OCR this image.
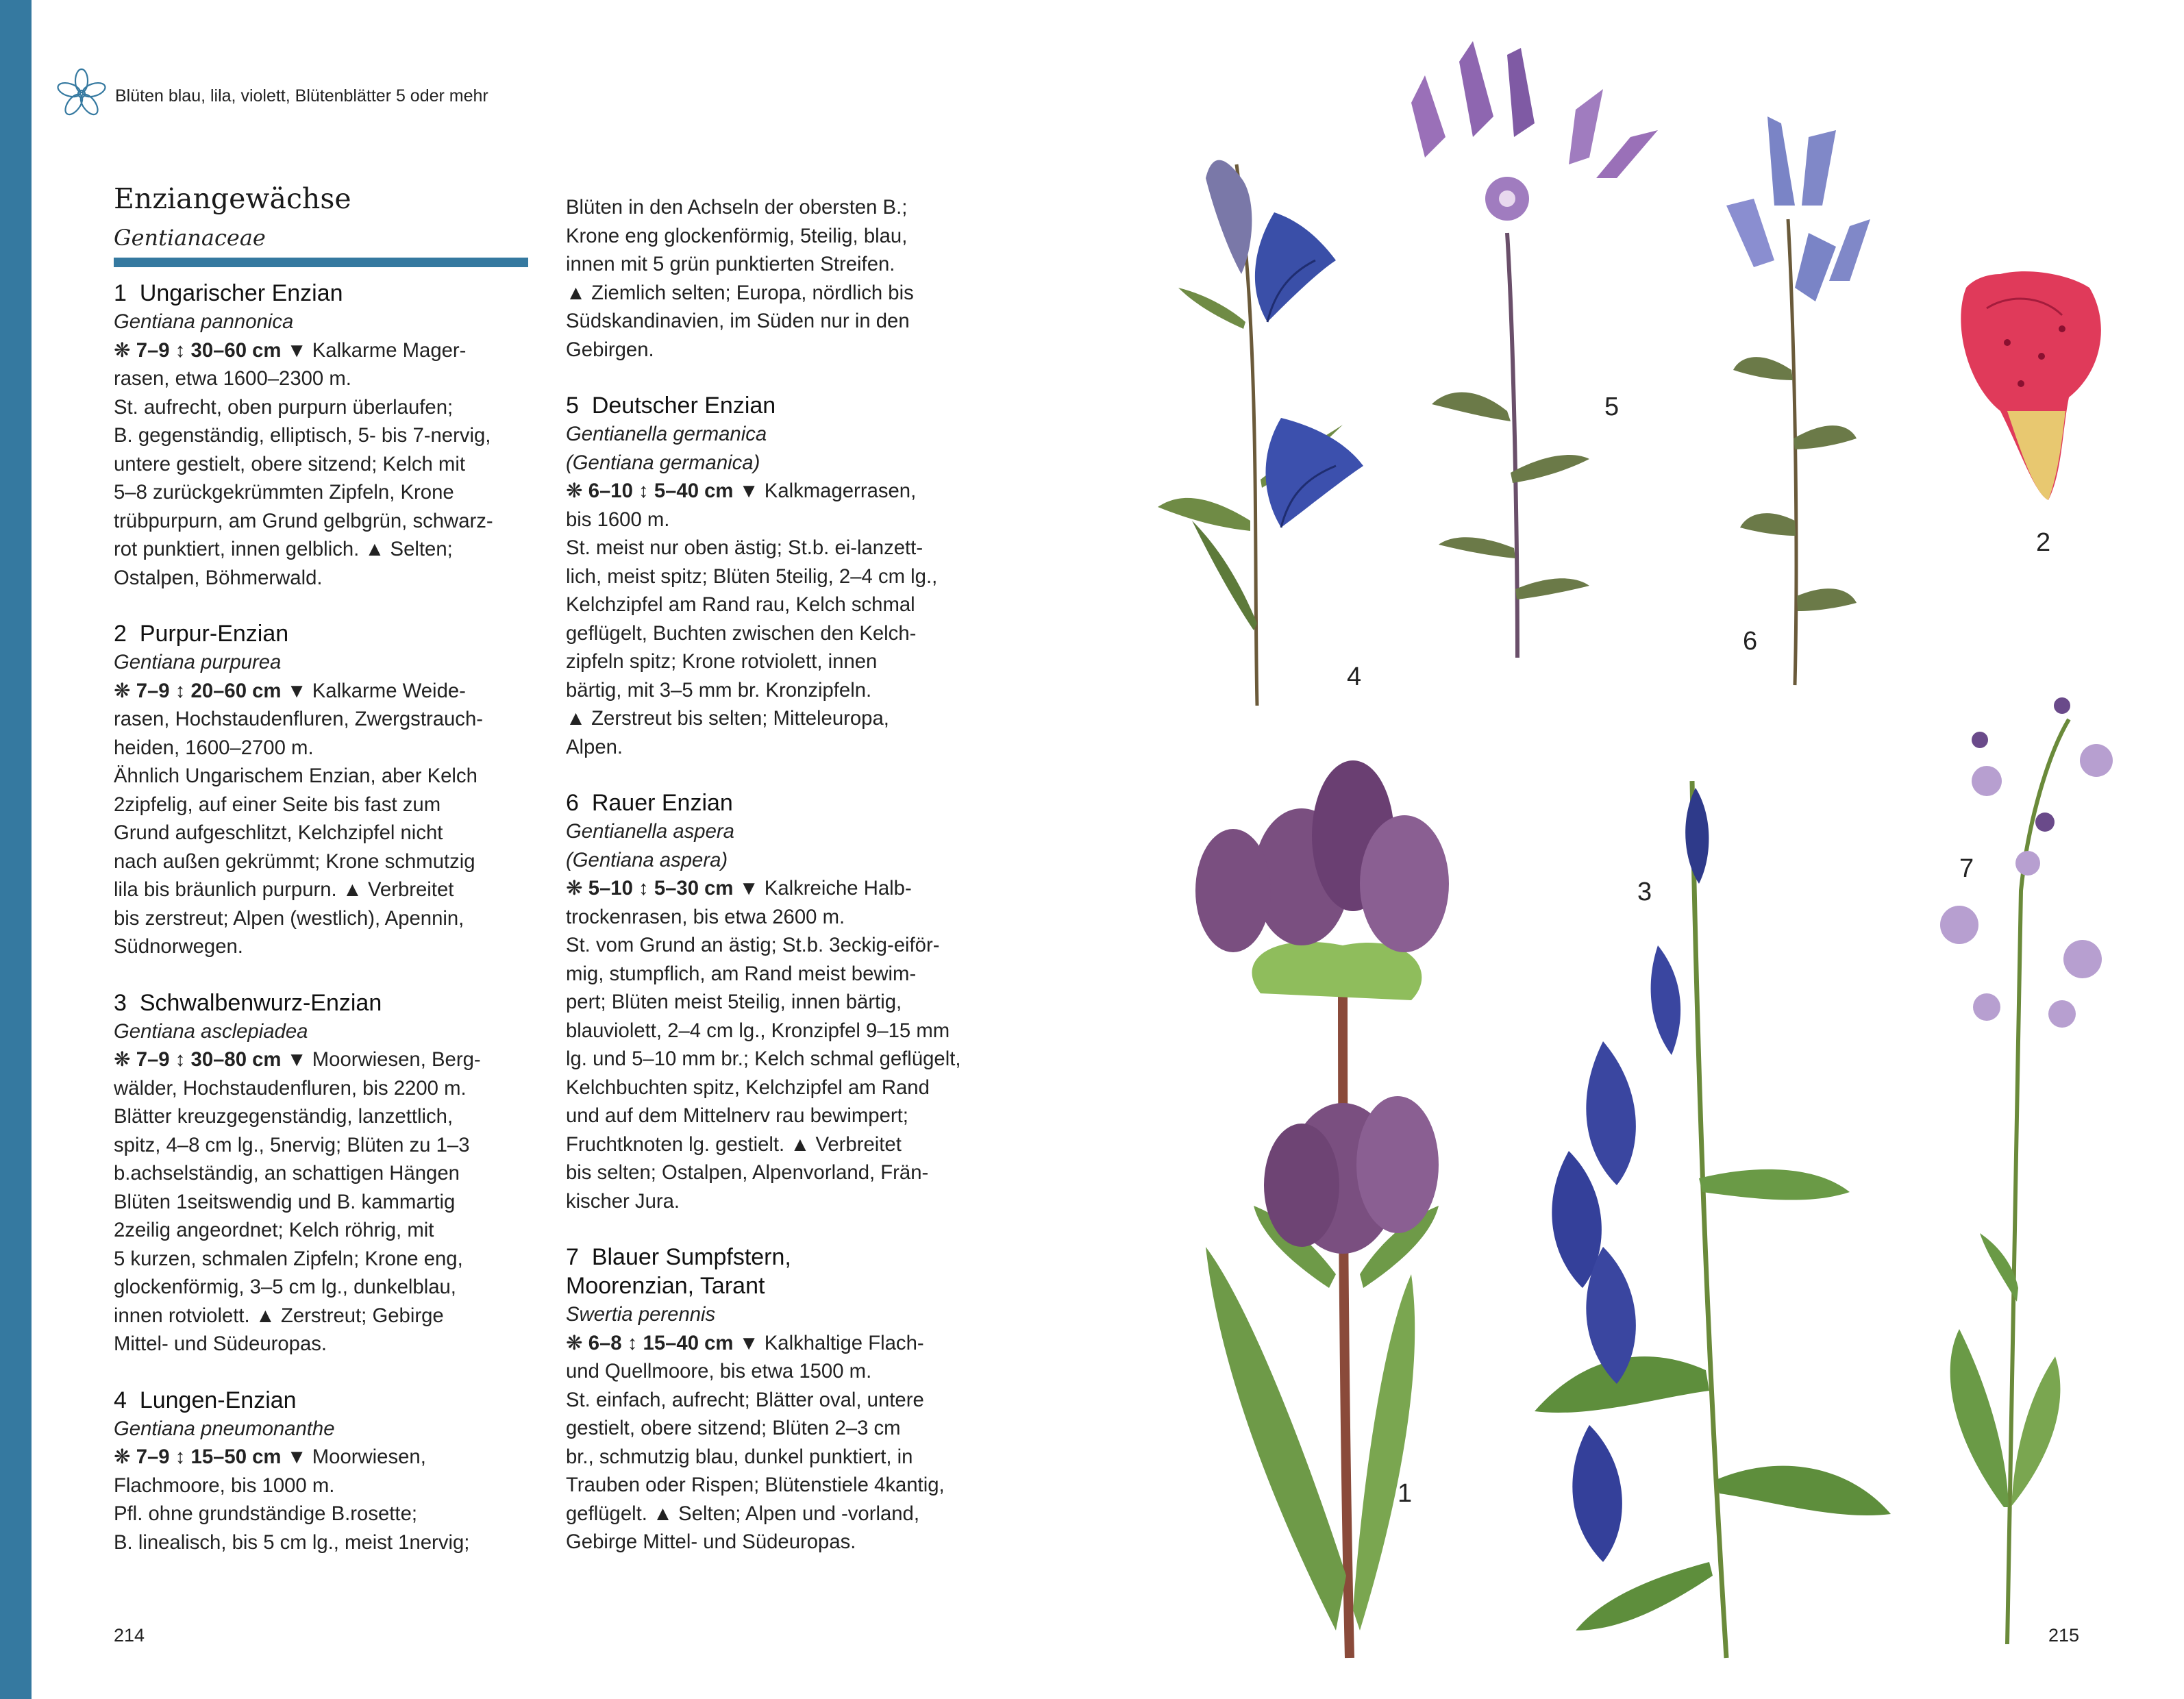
Blüten blau, lila, violett, Blütenblätter 5 oder mehr
Enziangewächse
Gentianaceae
1 Ungarischer Enzian
Gentiana pannonica
❋ 7–9 ↕ 30–60 cm ▼ Kalkarme Mager-
rasen, etwa 1600–2300 m.
St. aufrecht, oben purpurn überlaufen;
B. gegenständig, elliptisch, 5- bis 7-nervig,
untere gestielt, obere sitzend; Kelch mit
5–8 zurückgekrümmten Zipfeln, Krone
trübpurpurn, am Grund gelbgrün, schwarz-
rot punktiert, innen gelblich. ▲ Selten;
Ostalpen, Böhmerwald.
2 Purpur-Enzian
Gentiana purpurea
❋ 7–9 ↕ 20–60 cm ▼ Kalkarme Weide-
rasen, Hochstaudenfluren, Zwergstrauch-
heiden, 1600–2700 m.
Ähnlich Ungarischem Enzian, aber Kelch
2zipfelig, auf einer Seite bis fast zum
Grund aufgeschlitzt, Kelchzipfel nicht
nach außen gekrümmt; Krone schmutzig
lila bis bräunlich purpurn. ▲ Verbreitet
bis zerstreut; Alpen (westlich), Apennin,
Südnorwegen.
3 Schwalbenwurz-Enzian
Gentiana asclepiadea
❋ 7–9 ↕ 30–80 cm ▼ Moorwiesen, Berg-
wälder, Hochstaudenfluren, bis 2200 m.
Blätter kreuzgegenständig, lanzettlich,
spitz, 4–8 cm lg., 5nervig; Blüten zu 1–3
b.achselständig, an schattigen Hängen
Blüten 1seitswendig und B. kammartig
2zeilig angeordnet; Kelch röhrig, mit
5 kurzen, schmalen Zipfeln; Krone eng,
glockenförmig, 3–5 cm lg., dunkelblau,
innen rotviolett. ▲ Zerstreut; Gebirge
Mittel- und Südeuropas.
4 Lungen-Enzian
Gentiana pneumonanthe
❋ 7–9 ↕ 15–50 cm ▼ Moorwiesen,
Flachmoore, bis 1000 m.
Pfl. ohne grundständige B.rosette;
B. linealisch, bis 5 cm lg., meist 1nervig;
Blüten in den Achseln der obersten B.;
Krone eng glockenförmig, 5teilig, blau,
innen mit 5 grün punktierten Streifen.
▲ Ziemlich selten; Europa, nördlich bis
Südskandinavien, im Süden nur in den
Gebirgen.
5 Deutscher Enzian
Gentianella germanica
(Gentiana germanica)
❋ 6–10 ↕ 5–40 cm ▼ Kalkmagerrasen,
bis 1600 m.
St. meist nur oben ästig; St.b. ei-lanzett-
lich, meist spitz; Blüten 5teilig, 2–4 cm lg.,
Kelchzipfel am Rand rau, Kelch schmal
geflügelt, Buchten zwischen den Kelch-
zipfeln spitz; Krone rotviolett, innen
bärtig, mit 3–5 mm br. Kronzipfeln.
▲ Zerstreut bis selten; Mitteleuropa,
Alpen.
6 Rauer Enzian
Gentianella aspera
(Gentiana aspera)
❋ 5–10 ↕ 5–30 cm ▼ Kalkreiche Halb-
trockenrasen, bis etwa 2600 m.
St. vom Grund an ästig; St.b. 3eckig-eiför-
mig, stumpflich, am Rand meist bewim-
pert; Blüten meist 5teilig, innen bärtig,
blauviolett, 2–4 cm lg., Kronzipfel 9–15 mm
lg. und 5–10 mm br.; Kelch schmal geflügelt,
Kelchbuchten spitz, Kelchzipfel am Rand
und auf dem Mittelnerv rau bewimpert;
Fruchtknoten lg. gestielt. ▲ Verbreitet
bis selten; Ostalpen, Alpenvorland, Frän-
kischer Jura.
7 Blauer Sumpfstern,
Moorenzian, Tarant
Swertia perennis
❋ 6–8 ↕ 15–40 cm ▼ Kalkhaltige Flach-
und Quellmoore, bis etwa 1500 m.
St. einfach, aufrecht; Blätter oval, untere
gestielt, obere sitzend; Blüten 2–3 cm
br., schmutzig blau, dunkel punktiert, in
Trauben oder Rispen; Blütenstiele 4kantig,
geflügelt. ▲ Selten; Alpen und -vorland,
Gebirge Mittel- und Südeuropas.
1
2
3
4
5
6
7
214	215
